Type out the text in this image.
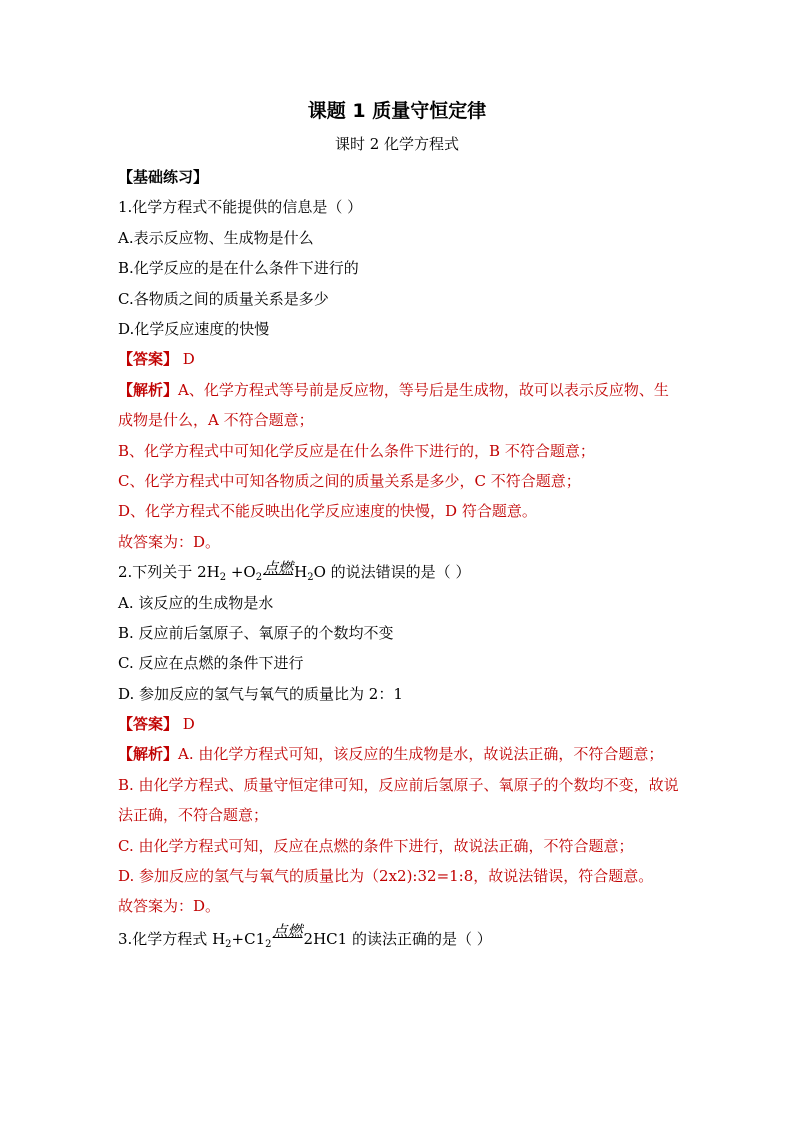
课题 1 质量守恒定律
课时 2 化学方程式
【基础练习】
1.化学方程式不能提供的信息是（ ）
A.表示反应物、生成物是什么
B.化学反应的是在什么条件下进行的
C.各物质之间的质量关系是多少
D.化学反应速度的快慢
【答案】 D
【解析】A、化学方程式等号前是反应物，等号后是生成物，故可以表示反应物、生成物是什么，A 不符合题意；
B、化学方程式中可知化学反应是在什么条件下进行的，B 不符合题意；
C、化学方程式中可知各物质之间的质量关系是多少，C 不符合题意；
D、化学方程式不能反映出化学反应速度的快慢，D 符合题意。
故答案为：D。
2.下列关于 $2H_2 +O_2$点燃$H_2O$ 的说法错误的是（ ）
A. 该反应的生成物是水
B. 反应前后氢原子、氧原子的个数均不变
C. 反应在点燃的条件下进行
D. 参加反应的氢气与氧气的质量比为 2：1
【答案】 D
【解析】A. 由化学方程式可知，该反应的生成物是水，故说法正确，不符合题意；
B. 由化学方程式、质量守恒定律可知，反应前后氢原子、氧原子的个数均不变，故说法正确，不符合题意；
C. 由化学方程式可知，反应在点燃的条件下进行，故说法正确，不符合题意；
D. 参加反应的氢气与氧气的质量比为（2x2):32=1:8，故说法错误，符合题意。
故答案为：D。
3.化学方程式 $H_2+C1_2$点燃2HC1 的读法正确的是（ ）
